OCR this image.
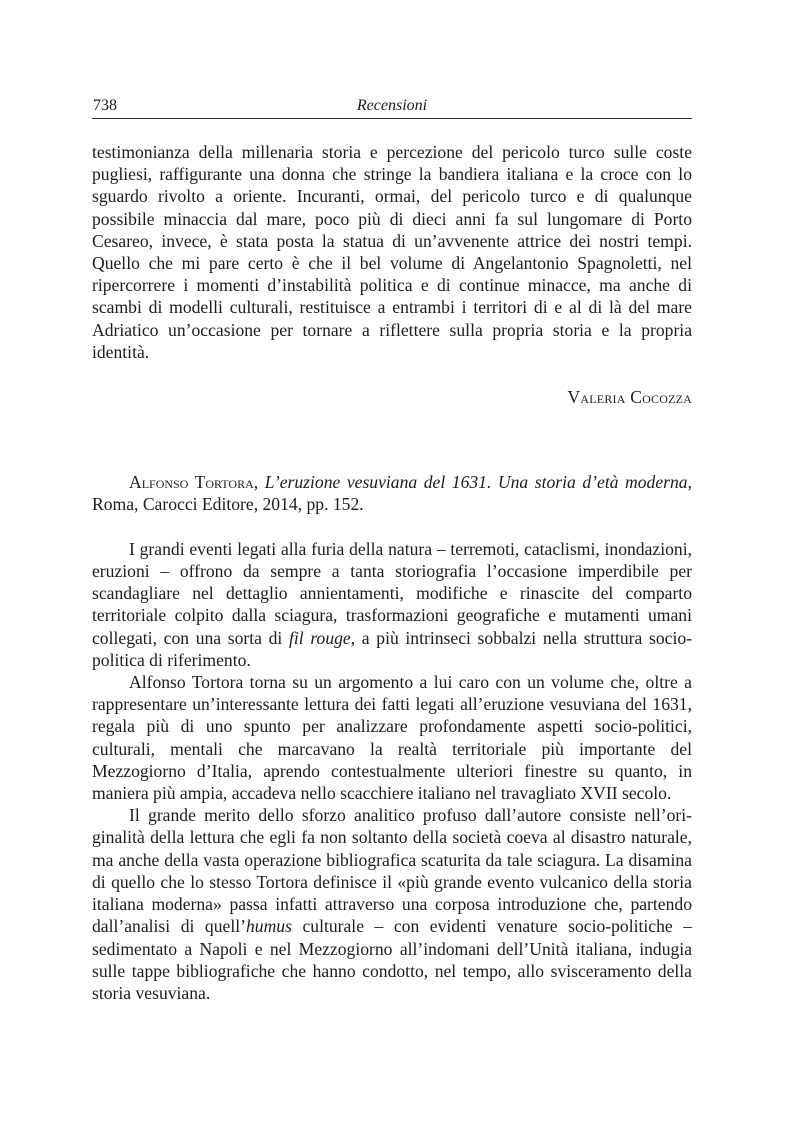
738	Recensioni

testimonianza della millenaria storia e percezione del pericolo turco sulle coste pugliesi, raffigurante una donna che stringe la bandiera italiana e la croce con lo sguardo rivolto a oriente. Incuranti, ormai, del pericolo turco e di qualunque possibile minaccia dal mare, poco più di dieci anni fa sul lungomare di Porto Cesareo, invece, è stata posta la statua di un’avvenente attrice dei nostri tempi. Quello che mi pare certo è che il bel volume di Angelantonio Spagnoletti, nel ripercorrere i momenti d’instabilità politica e di continue minacce, ma anche di scambi di modelli culturali, restituisce a entrambi i territori di e al di là del mare Adriatico un’occasione per tornare a riflettere sulla propria storia e la propria identità.

Valeria Cocozza
Alfonso Tortora, L’eruzione vesuviana del 1631. Una storia d’età moderna, Roma, Carocci Editore, 2014, pp. 152.

I grandi eventi legati alla furia della natura – terremoti, cataclismi, inondazioni, eruzioni – offrono da sempre a tanta storiografia l’occasione imperdibile per scandagliare nel dettaglio annientamenti, modifiche e rinascite del comparto territoriale colpito dalla sciagura, trasformazioni geografiche e mutamenti umani collegati, con una sorta di fil rouge, a più intrinseci sobbalzi nella struttura socio-politica di riferimento.

Alfonso Tortora torna su un argomento a lui caro con un volume che, oltre a rappresentare un’interessante lettura dei fatti legati all’eruzione vesuviana del 1631, regala più di uno spunto per analizzare profondamente aspetti socio-politici, culturali, mentali che marcavano la realtà territoriale più importante del Mezzogiorno d’Italia, aprendo contestualmente ulteriori finestre su quanto, in maniera più ampia, accadeva nello scacchiere italiano nel travagliato XVII secolo.

Il grande merito dello sforzo analitico profuso dall’autore consiste nell’originalità della lettura che egli fa non soltanto della società coeva al disastro naturale, ma anche della vasta operazione bibliografica scaturita da tale sciagura. La disamina di quello che lo stesso Tortora definisce il «più grande evento vulcanico della storia italiana moderna» passa infatti attraverso una corposa introduzione che, partendo dall’analisi di quell’humus culturale – con evidenti venature socio-politiche – sedimentato a Napoli e nel Mezzogiorno all’indomani dell’Unità italiana, indugia sulle tappe bibliografiche che hanno condotto, nel tempo, allo svisceramento della storia vesuviana.
